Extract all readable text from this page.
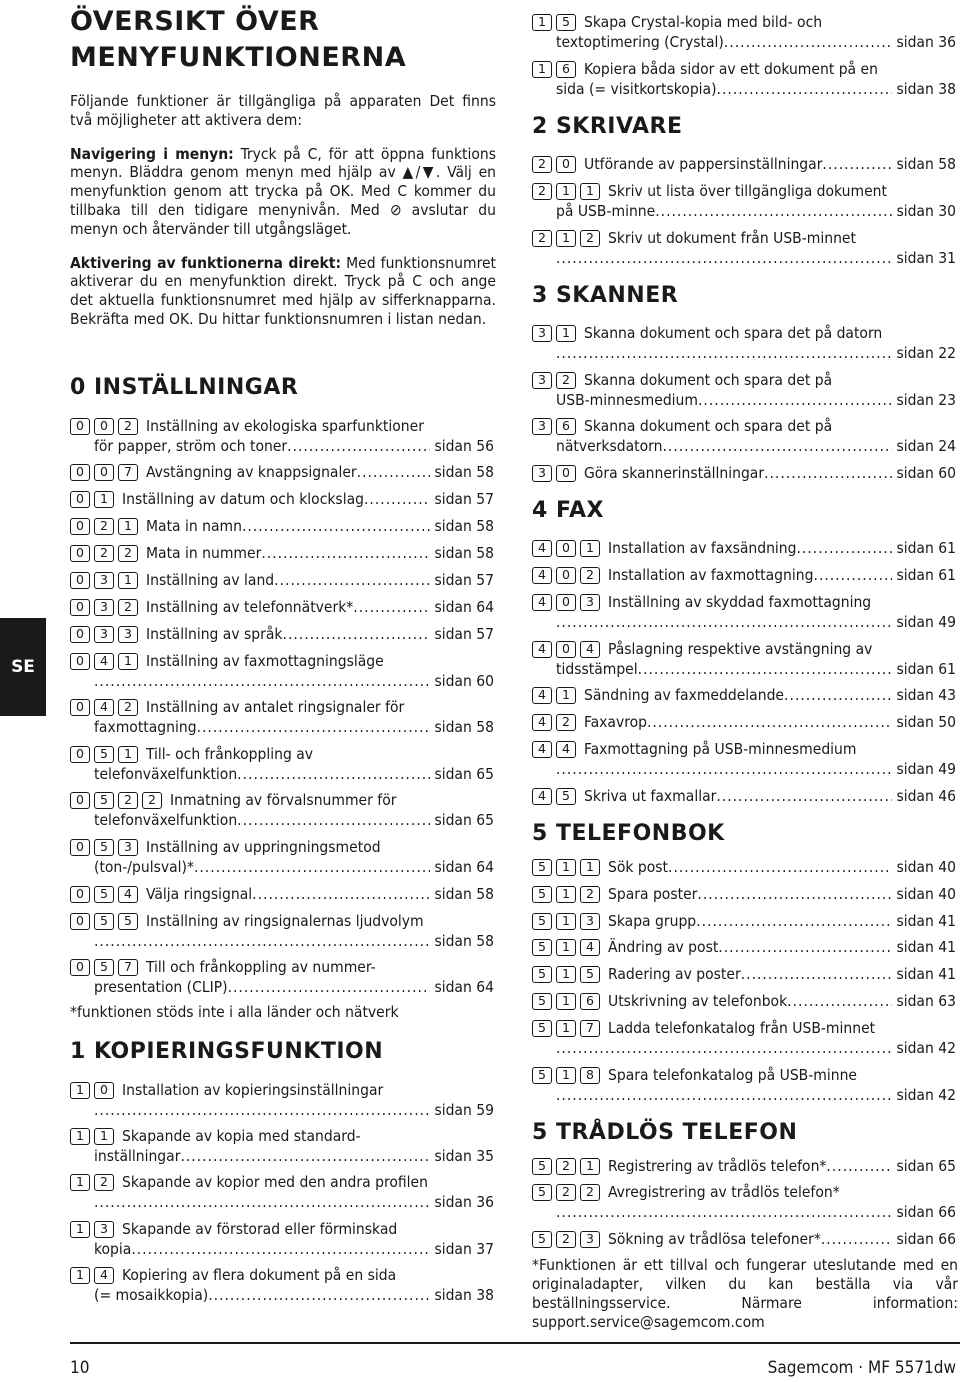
SE
ÖVERSIKT ÖVER MENYFUNKTIONERNA

Följande funktioner är tillgängliga på apparaten Det finns två möjligheter att aktivera dem:

Navigering i menyn: Tryck på C, för att öppna funktions menyn. Bläddra genom menyn med hjälp av ▲/▼. Välj en menyfunktion genom att trycka på OK. Med C kommer du tillbaka till den tidigare menynivån. Med ⊘ avslutar du menyn och återvänder till utgångsläget.

Aktivering av funktionerna direkt: Med funktionsnumret aktiverar du en menyfunktion direkt. Tryck på C och ange det aktuella funktionsnumret med hjälp av sifferknapparna. Bekräfta med OK. Du hittar funktionsnumren i listan nedan.

0 INSTÄLLNINGAR
0	0	2 Inställning av ekologiska sparfunktioner
för papper, ström och toner .....	sidan 56
0	0	7 Avstängning av knappsignaler .....	sidan 58
0	1 Inställning av datum och klockslag .....	sidan 57
0	2	1 Mata in namn .....	sidan 58
0	2	2 Mata in nummer .....	sidan 58
0	3	1 Inställning av land .....	sidan 57
0	3	2 Inställning av telefonnätverk* .....	sidan 64
0	3	3 Inställning av språk .....	sidan 57
0	4	1 Inställning av faxmottagningsläge
.....
sidan 60
0	4	2 Inställning av antalet ringsignaler för
faxmottagning .....	sidan 58
0	5	1 Till- och frånkoppling av
telefonväxelfunktion .....	sidan 65
0	5	2	2 Inmatning av förvalsnummer för
telefonväxelfunktion .....	sidan 65
0	5	3 Inställning av uppringningsmetod
(ton-/pulsval)* .....	sidan 64
0	5	4 Välja ringsignal .....	sidan 58
0	5	5 Inställning av ringsignalernas ljudvolym
.....
sidan 58
0	5	7 Till och frånkoppling av nummer-
presentation (CLIP) .....	sidan 64
*funktionen stöds inte i alla länder och nätverk
1 KOPIERINGSFUNKTION
1	0 Installation av kopieringsinställningar
.....
sidan 59
1	1 Skapande av kopia med standard-
inställningar .....	sidan 35
1	2 Skapande av kopior med den andra profilen
.....
sidan 36
1	3 Skapande av förstorad eller förminskad
kopia .....	sidan 37
1	4 Kopiering av flera dokument på en sida
(= mosaikkopia) .....	sidan 38
1	5 Skapa Crystal-kopia med bild- och
textoptimering (Crystal) .....	sidan 36
1	6 Kopiera båda sidor av ett dokument på en
sida (= visitkortskopia) .....	sidan 38
2 SKRIVARE
2	0 Utförande av pappersinställningar .....	sidan 58
2	1	1 Skriv ut lista över tillgängliga dokument
på USB-minne .....	sidan 30
2	1	2 Skriv ut dokument från USB-minnet
.....
sidan 31
3 SKANNER
3	1 Skanna dokument och spara det på datorn
.....
sidan 22
3	2 Skanna dokument och spara det på
USB-minnesmedium .....	sidan 23
3	6 Skanna dokument och spara det på
nätverksdatorn .....	sidan 24
3	0 Göra skannerinställningar .....	sidan 60
4 FAX
4	0	1 Installation av faxsändning .....	sidan 61
4	0	2 Installation av faxmottagning .....	sidan 61
4	0	3 Inställning av skyddad faxmottagning
.....
sidan 49
4	0	4 Påslagning respektive avstängning av
tidsstämpel .....	sidan 61
4	1 Sändning av faxmeddelande .....	sidan 43
4	2 Faxavrop .....	sidan 50
4	4 Faxmottagning på USB-minnesmedium
.....
sidan 49
4	5 Skriva ut faxmallar .....	sidan 46
5 TELEFONBOK
5	1	1 Sök post .....	sidan 40
5	1	2 Spara poster .....	sidan 40
5	1	3 Skapa grupp .....	sidan 41
5	1	4 Ändring av post .....	sidan 41
5	1	5 Radering av poster .....	sidan 41
5	1	6 Utskrivning av telefonbok .....	sidan 63
5	1	7 Ladda telefonkatalog från USB-minnet
.....
sidan 42
5	1	8 Spara telefonkatalog på USB-minne
.....
sidan 42
5 TRÅDLÖS TELEFON
5	2	1 Registrering av trådlös telefon* .....	sidan 65
5	2	2 Avregistrering av trådlös telefon*
.....
sidan 66
5	2	3 Sökning av trådlösa telefoner* .....	sidan 66
*Funktionen är ett tillval och fungerar uteslutande med en originaladapter, vilken du kan beställa via vår beställningsservice. Närmare information: support.service@sagemcom.com
10	Sagemcom · MF 5571dw
